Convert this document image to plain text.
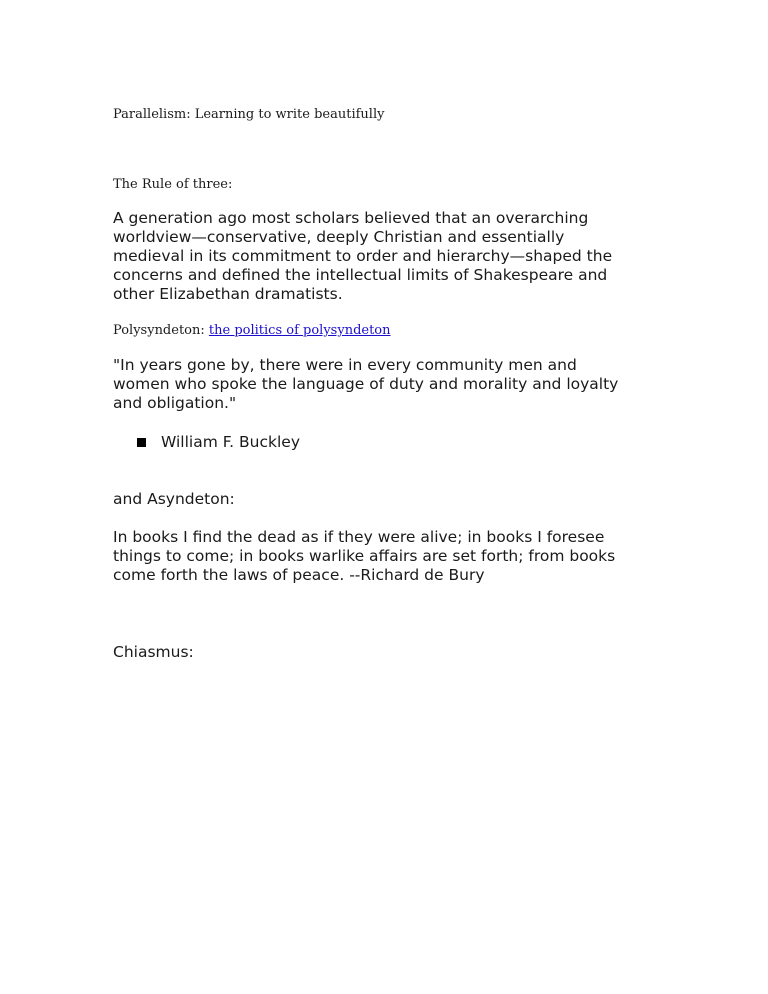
Parallelism: Learning to write beautifully

The Rule of three:

A generation ago most scholars believed that an overarching
worldview—conservative, deeply Christian and essentially
medieval in its commitment to order and hierarchy—shaped the
concerns and defined the intellectual limits of Shakespeare and
other Elizabethan dramatists.

Polysyndeton: the politics of polysyndeton

"In years gone by, there were in every community men and
women who spoke the language of duty and morality and loyalty
and obligation."

William F. Buckley

and Asyndeton:

In books I find the dead as if they were alive; in books I foresee
things to come; in books warlike affairs are set forth; from books
come forth the laws of peace. --Richard de Bury

Chiasmus:
